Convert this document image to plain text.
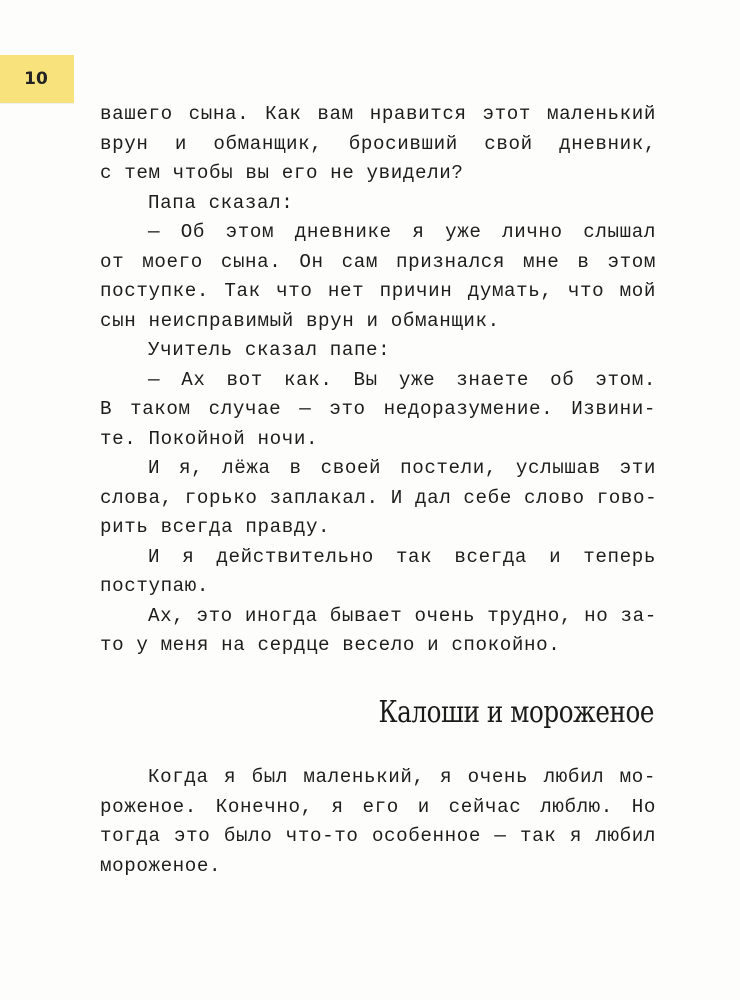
10
вашего сына. Как вам нравится этот маленький
врун и обманщик, бросивший свой дневник,
с тем чтобы вы его не увидели?
Папа сказал:
— Об этом дневнике я уже лично слышал
от моего сына. Он сам признался мне в этом
поступке. Так что нет причин думать, что мой
сын неисправимый врун и обманщик.
Учитель сказал папе:
— Ах вот как. Вы уже знаете об этом.
В таком случае — это недоразумение. Извини-
те. Покойной ночи.
И я, лёжа в своей постели, услышав эти
слова, горько заплакал. И дал себе слово гово-
рить всегда правду.
И я действительно так всегда и теперь
поступаю.
Ах, это иногда бывает очень трудно, но за-
то у меня на сердце весело и спокойно.
Калоши и мороженое
Когда я был маленький, я очень любил мо-
роженое. Конечно, я его и сейчас люблю. Но
тогда это было что-то особенное — так я любил
мороженое.
